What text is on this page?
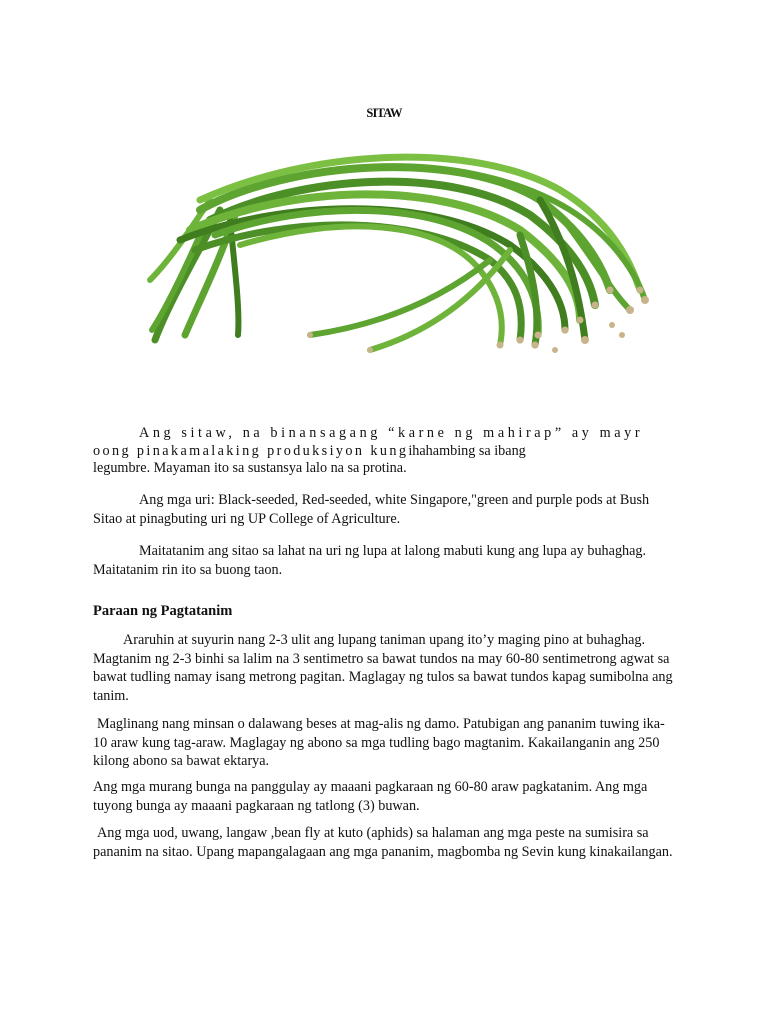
SITAW

Ang sitaw, na binansagang “karne ng mahirap” ay mayr

oong pinakamalaking produksiyon kungihahambing sa ibang

legumbre. Mayaman ito sa sustansya lalo na sa protina.

Ang mga uri: Black-seeded, Red-seeded, white Singapore,"green and purple pods at Bush Sitao at pinagbuting uri ng UP College of Agriculture.

Maitatanim ang sitao sa lahat na uri ng lupa at lalong mabuti kung ang lupa ay buhaghag. Maitatanim rin ito sa buong taon.

Paraan ng Pagtatanim

Araruhin at suyurin nang 2-3 ulit ang lupang taniman upang ito’y maging pino at buhaghag. Magtanim ng 2-3 binhi sa lalim na 3 sentimetro sa bawat tundos na may 60-80 sentimetrong agwat sa bawat tudling namay isang metrong pagitan. Maglagay ng tulos sa bawat tundos kapag sumibolna ang tanim.

Maglinang nang minsan o dalawang beses at mag-alis ng damo. Patubigan ang pananim tuwing ika-10 araw kung tag-araw. Maglagay ng abono sa mga tudling bago magtanim. Kakailanganin ang 250 kilong abono sa bawat ektarya.

Ang mga murang bunga na panggulay ay maaani pagkaraan ng 60-80 araw pagkatanim. Ang mga tuyong bunga ay maaani pagkaraan ng tatlong (3) buwan.

Ang mga uod, uwang, langaw ,bean fly at kuto (aphids) sa halaman ang mga peste na sumisira sa pananim na sitao. Upang mapangalagaan ang mga pananim, magbomba ng Sevin kung kinakailangan.
